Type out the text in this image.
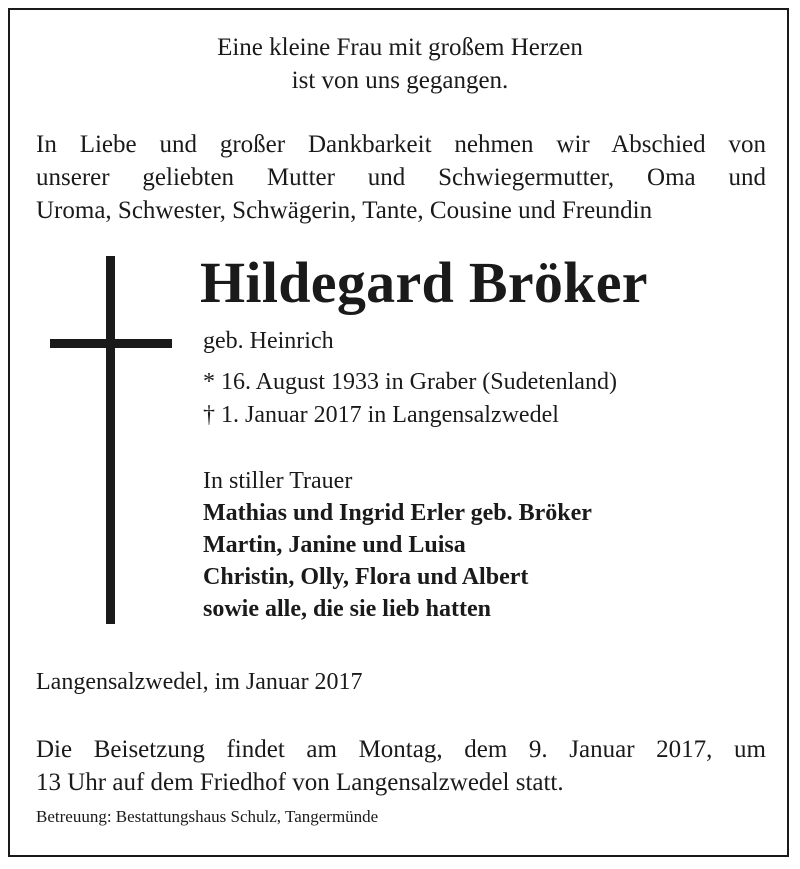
Eine kleine Frau mit großem Herzen
ist von uns gegangen.
In Liebe und großer Dankbarkeit nehmen wir Abschied von
unserer geliebten Mutter und Schwiegermutter, Oma und
Uroma, Schwester, Schwägerin, Tante, Cousine und Freundin
Hildegard Bröker
geb. Heinrich
* 16. August 1933 in Graber (Sudetenland)
† 1. Januar 2017 in Langensalzwedel
In stiller Trauer
Mathias und Ingrid Erler geb. Bröker
Martin, Janine und Luisa
Christin, Olly, Flora und Albert
sowie alle, die sie lieb hatten
Langensalzwedel, im Januar 2017
Die Beisetzung findet am Montag, dem 9. Januar 2017, um
13 Uhr auf dem Friedhof von Langensalzwedel statt.
Betreuung: Bestattungshaus Schulz, Tangermünde
